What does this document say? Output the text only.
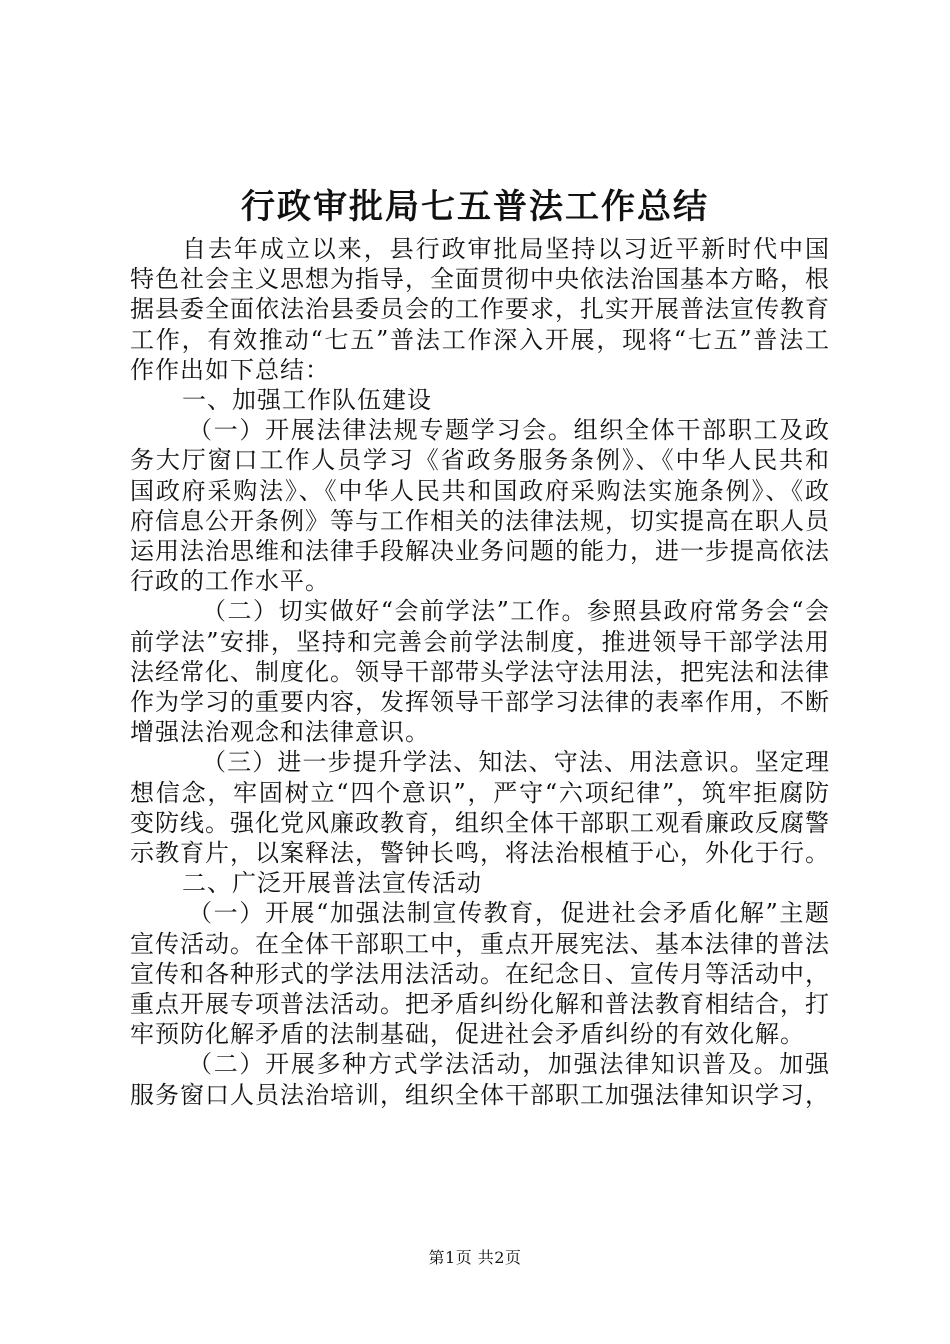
行政审批局七五普法工作总结

自去年成立以来，县行政审批局坚持以习近平新时代中国特色社会主义思想为指导，全面贯彻中央依法治国基本方略，根据县委全面依法治县委员会的工作要求，扎实开展普法宣传教育工作，有效推动“七五”普法工作深入开展，现将“七五”普法工作作出如下总结：

一、加强工作队伍建设

（一）开展法律法规专题学习会。组织全体干部职工及政务大厅窗口工作人员学习《省政务服务条例》、《中华人民共和国政府采购法》、《中华人民共和国政府采购法实施条例》、《政府信息公开条例》等与工作相关的法律法规，切实提高在职人员运用法治思维和法律手段解决业务问题的能力，进一步提高依法行政的工作水平。

（二）切实做好“会前学法”工作。参照县政府常务会“会前学法”安排，坚持和完善会前学法制度，推进领导干部学法用法经常化、制度化。领导干部带头学法守法用法，把宪法和法律作为学习的重要内容，发挥领导干部学习法律的表率作用，不断增强法治观念和法律意识。

（三）进一步提升学法、知法、守法、用法意识。坚定理想信念，牢固树立“四个意识”，严守“六项纪律”，筑牢拒腐防变防线。强化党风廉政教育，组织全体干部职工观看廉政反腐警示教育片，以案释法，警钟长鸣，将法治根植于心，外化于行。

二、广泛开展普法宣传活动

（一）开展“加强法制宣传教育，促进社会矛盾化解”主题宣传活动。在全体干部职工中，重点开展宪法、基本法律的普法宣传和各种形式的学法用法活动。在纪念日、宣传月等活动中，重点开展专项普法活动。把矛盾纠纷化解和普法教育相结合，打牢预防化解矛盾的法制基础，促进社会矛盾纠纷的有效化解。

（二）开展多种方式学法活动，加强法律知识普及。加强服务窗口人员法治培训，组织全体干部职工加强法律知识学习，

第1页 共2页
